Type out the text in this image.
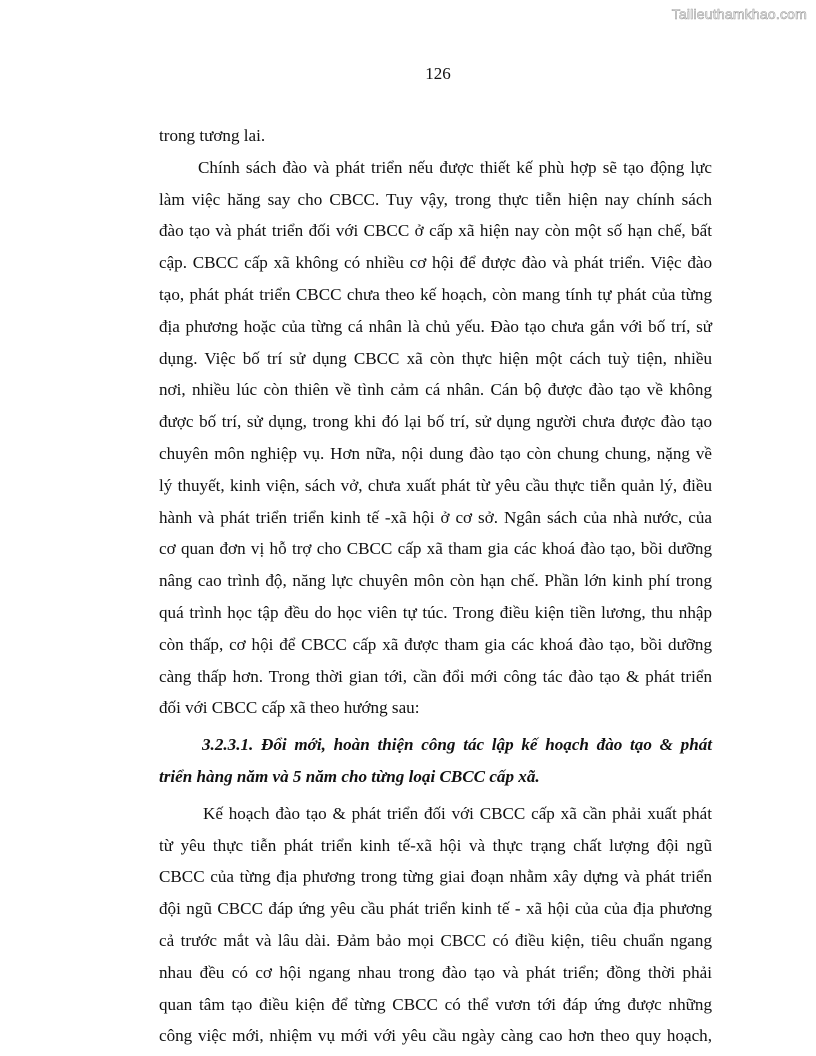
Tailieuthamkhao.com
126
trong tương lai.
Chính sách đào và phát triển nếu được thiết kế phù hợp sẽ tạo động lực
làm việc hăng say cho CBCC. Tuy vậy, trong thực tiễn hiện nay chính sách
đào tạo và phát triển đối với CBCC ở cấp xã hiện nay còn một số hạn chế, bất
cập. CBCC cấp xã không có nhiều cơ hội để được đào và phát triển. Việc đào
tạo, phát phát triển CBCC chưa theo kế hoạch, còn mang tính tự phát của từng
địa phương hoặc của từng cá nhân là chủ yếu. Đào tạo chưa gắn với bố trí, sử
dụng. Việc bố trí sử dụng CBCC xã còn thực hiện một cách tuỳ tiện, nhiều
nơi, nhiều lúc còn thiên về tình cảm cá nhân. Cán bộ được đào tạo về không
được bố trí, sử dụng, trong khi đó lại bố trí, sử dụng người chưa được đào tạo
chuyên môn nghiệp vụ. Hơn nữa, nội dung đào tạo còn chung chung, nặng về
lý thuyết, kinh viện, sách vở, chưa xuất phát từ yêu cầu thực tiễn quản lý, điều
hành và phát triển triển kinh tế -xã hội ở cơ sở. Ngân sách của nhà nước, của
cơ quan đơn vị hỗ trợ cho CBCC cấp xã tham gia các khoá đào tạo, bồi dưỡng
nâng cao trình độ, năng lực chuyên môn còn hạn chế. Phần lớn kinh phí trong
quá trình học tập đều do học viên tự túc. Trong điều kiện tiền lương, thu nhập
còn thấp, cơ hội để CBCC cấp xã được tham gia các khoá đào tạo, bồi dưỡng
càng thấp hơn. Trong thời gian tới, cần đổi mới công tác đào tạo & phát triển
đối với CBCC cấp xã theo hướng sau:
3.2.3.1. Đổi mới, hoàn thiện công tác lập kế hoạch đào tạo & phát
triển hàng năm và 5 năm cho từng loại CBCC cấp xã.
Kế hoạch đào tạo & phát triển đối với CBCC cấp xã cần phải xuất phát
từ yêu thực tiễn phát triển kinh tế-xã hội và thực trạng chất lượng đội ngũ
CBCC của từng địa phương trong từng giai đoạn nhằm xây dựng và phát triển
đội ngũ CBCC đáp ứng yêu cầu phát triển kinh tế - xã hội của của địa phương
cả trước mắt và lâu dài. Đảm bảo mọi CBCC có điều kiện, tiêu chuẩn ngang
nhau đều có cơ hội ngang nhau trong đào tạo và phát triển; đồng thời phải
quan tâm tạo điều kiện để từng CBCC có thể vươn tới đáp ứng được những
công việc mới, nhiệm vụ mới với yêu cầu ngày càng cao hơn theo quy hoạch,
